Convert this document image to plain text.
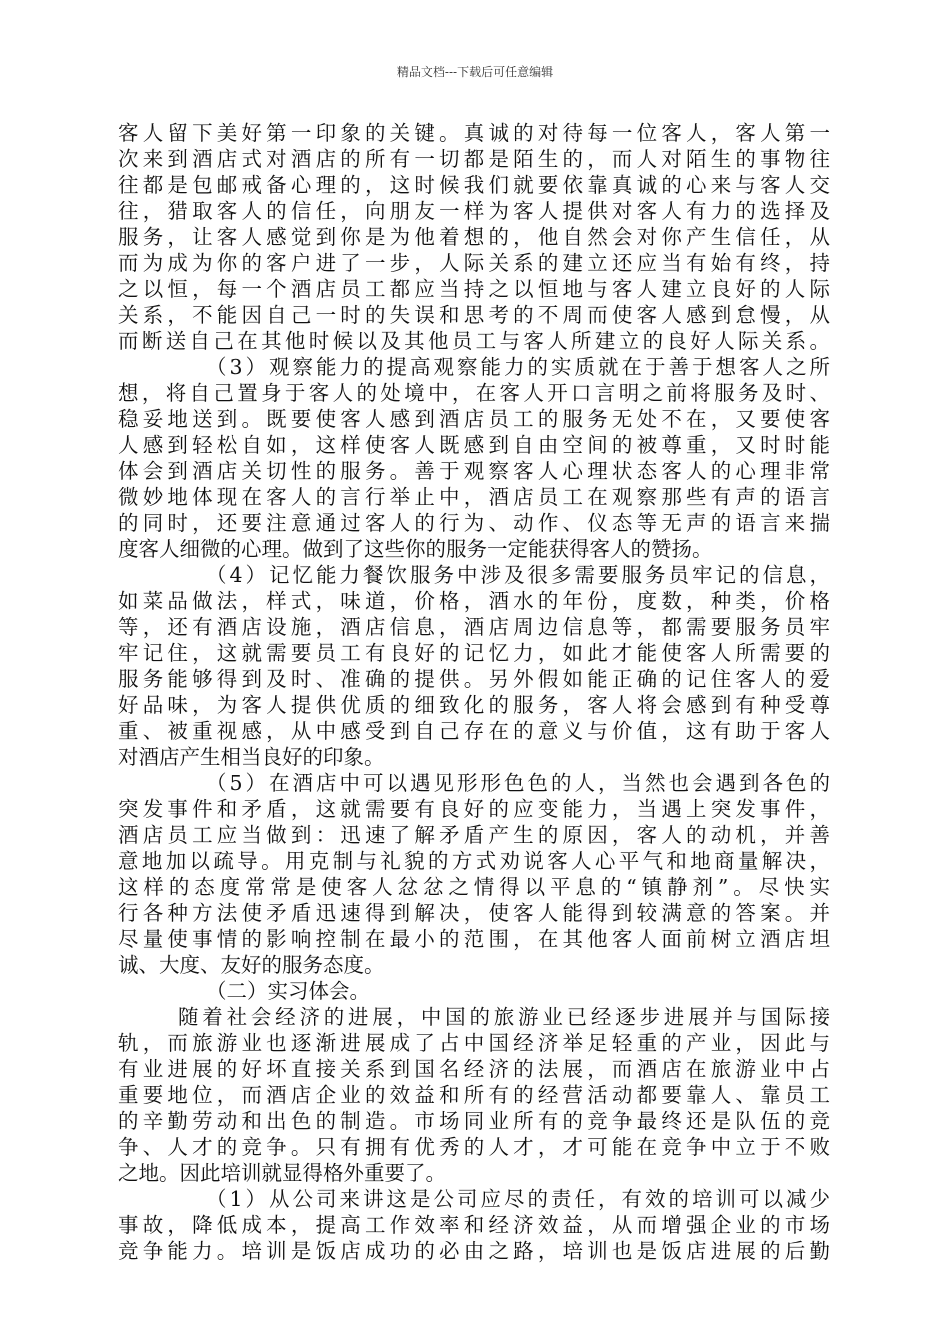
精品文档---下载后可任意编辑
客人留下美好第一印象的关键。真诚的对待每一位客人，客人第一
次来到酒店式对酒店的所有一切都是陌生的，而人对陌生的事物往
往都是包邮戒备心理的，这时候我们就要依靠真诚的心来与客人交
往，猎取客人的信任，向朋友一样为客人提供对客人有力的选择及
服务，让客人感觉到你是为他着想的，他自然会对你产生信任，从
而为成为你的客户进了一步，人际关系的建立还应当有始有终，持
之以恒，每一个酒店员工都应当持之以恒地与客人建立良好的人际
关系，不能因自己一时的失误和思考的不周而使客人感到怠慢，从
而断送自己在其他时候以及其他员工与客人所建立的良好人际关系。
（3）观察能力的提高观察能力的实质就在于善于想客人之所
想，将自己置身于客人的处境中，在客人开口言明之前将服务及时、
稳妥地送到。既要使客人感到酒店员工的服务无处不在，又要使客
人感到轻松自如，这样使客人既感到自由空间的被尊重，又时时能
体会到酒店关切性的服务。善于观察客人心理状态客人的心理非常
微妙地体现在客人的言行举止中，酒店员工在观察那些有声的语言
的同时，还要注意通过客人的行为、动作、仪态等无声的语言来揣
度客人细微的心理。做到了这些你的服务一定能获得客人的赞扬。
（4）记忆能力餐饮服务中涉及很多需要服务员牢记的信息，
如菜品做法，样式，味道，价格，酒水的年份，度数，种类，价格
等，还有酒店设施，酒店信息，酒店周边信息等，都需要服务员牢
牢记住，这就需要员工有良好的记忆力，如此才能使客人所需要的
服务能够得到及时、准确的提供。另外假如能正确的记住客人的爱
好品味，为客人提供优质的细致化的服务，客人将会感到有种受尊
重、被重视感，从中感受到自己存在的意义与价值，这有助于客人
对酒店产生相当良好的印象。
（5）在酒店中可以遇见形形色色的人，当然也会遇到各色的
突发事件和矛盾，这就需要有良好的应变能力，当遇上突发事件，
酒店员工应当做到：迅速了解矛盾产生的原因，客人的动机，并善
意地加以疏导。用克制与礼貌的方式劝说客人心平气和地商量解决，
这样的态度常常是使客人忿忿之情得以平息的“镇静剂”。尽快实
行各种方法使矛盾迅速得到解决，使客人能得到较满意的答案。并
尽量使事情的影响控制在最小的范围，在其他客人面前树立酒店坦
诚、大度、友好的服务态度。
（二）实习体会。
随着社会经济的进展，中国的旅游业已经逐步进展并与国际接
轨，而旅游业也逐渐进展成了占中国经济举足轻重的产业，因此与
有业进展的好坏直接关系到国名经济的法展，而酒店在旅游业中占
重要地位，而酒店企业的效益和所有的经营活动都要靠人、靠员工
的辛勤劳动和出色的制造。市场同业所有的竞争最终还是队伍的竞
争、人才的竞争。只有拥有优秀的人才，才可能在竞争中立于不败
之地。因此培训就显得格外重要了。
（1）从公司来讲这是公司应尽的责任，有效的培训可以减少
事故，降低成本，提高工作效率和经济效益，从而增强企业的市场
竞争能力。培训是饭店成功的必由之路，培训也是饭店进展的后勤
